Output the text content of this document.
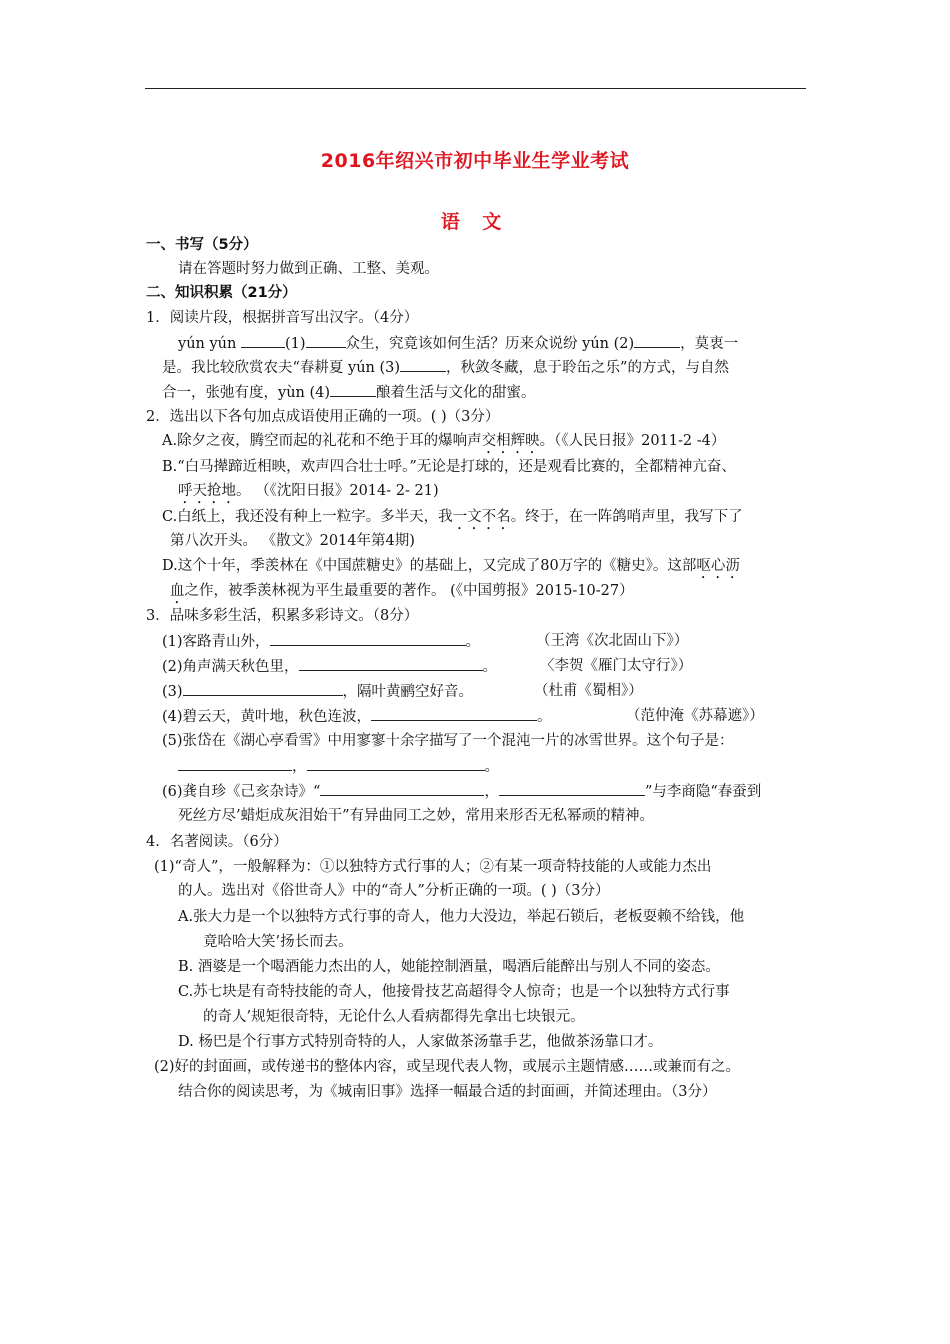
2016年绍兴市初中毕业生学业考试
语 文
一、书写（5分）
请在答题时努力做到正确、工整、美观。
二、知识积累（21分）
1．阅读片段，根据拼音写出汉字。（4分）
yún yún	(1)	众生，究竟该如何生活？历来众说纷 yún (2)	，莫衷一
是。我比较欣赏农夫“春耕夏 yún (3)	，秋敛冬藏，息于聆缶之乐”的方式，与自然
合一，张弛有度，yùn (4)	酿着生活与文化的甜蜜。
2．选出以下各句加点成语使用正确的一项。( )（3分）
A.除夕之夜，腾空而起的礼花和不绝于耳的爆响声交相辉映。（《人民日报》2011-2 -4）
B.“白马撵蹄近相映，欢声四合壮士呼。”无论是打球的，还是观看比赛的，全都精神亢奋、
呼天抢地。 （《沈阳日报》2014- 2- 21)
C.白纸上，我还没有种上一粒字。多半天，我一文不名。终于，在一阵鸽哨声里，我写下了
第八次开头。 《散文》2014年第4期)
D.这个十年，季羡林在《中国蔗糖史》的基础上，又完成了80万字的《糖史》。这部呕心沥
血之作，被季羡林视为平生最重要的著作。 (《中国剪报》2015-10-27）
3．品味多彩生活，积累多彩诗文。（8分）
(1)客路青山外，	。	（王湾《次北固山下》）
(2)角声满天秋色里，	。	〈李贺《雁门太守行》）
(3)	，隔叶黄鹂空好音。	（杜甫《蜀相》）
(4)碧云天，黄叶地，秋色连波，	。	（范仲淹《苏幕遮》）
(5)张岱在《湖心亭看雪》中用寥寥十余字描写了一个混沌一片的冰雪世界。这个句子是：
，	。
(6)龚自珍《己亥杂诗》“	，	”与李商隐“春蚕到
死丝方尽’蜡炬成灰泪始干”有异曲同工之妙，常用来形否无私幂顽的精神。
4．名著阅读。（6分）
(1)“奇人”，一般解释为：①以独特方式行事的人；②有某一项奇特技能的人或能力杰出
的人。选出对《俗世奇人》中的“奇人”分析正确的一项。( )（3分）
A.张大力是一个以独特方式行事的奇人，他力大没边，举起石锁后，老板耍赖不给钱，他
竟哈哈大笑’扬长而去。
B. 酒婆是一个喝酒能力杰出的人，她能控制酒量，喝酒后能醉出与别人不同的姿态。
C.苏七块是有奇特技能的奇人，他接骨技艺高超得令人惊奇；也是一个以独特方式行事
的奇人’规矩很奇特，无论什么人看病都得先拿出七块银元。
D. 杨巴是个行事方式特别奇特的人，人家做茶汤靠手艺，他做茶汤靠口才。
(2)好的封面画，或传递书的整体内容，或呈现代表人物，或展示主题情感……或兼而有之。
结合你的阅读思考，为《城南旧事》选择一幅最合适的封面画，并简述理由。（3分）
